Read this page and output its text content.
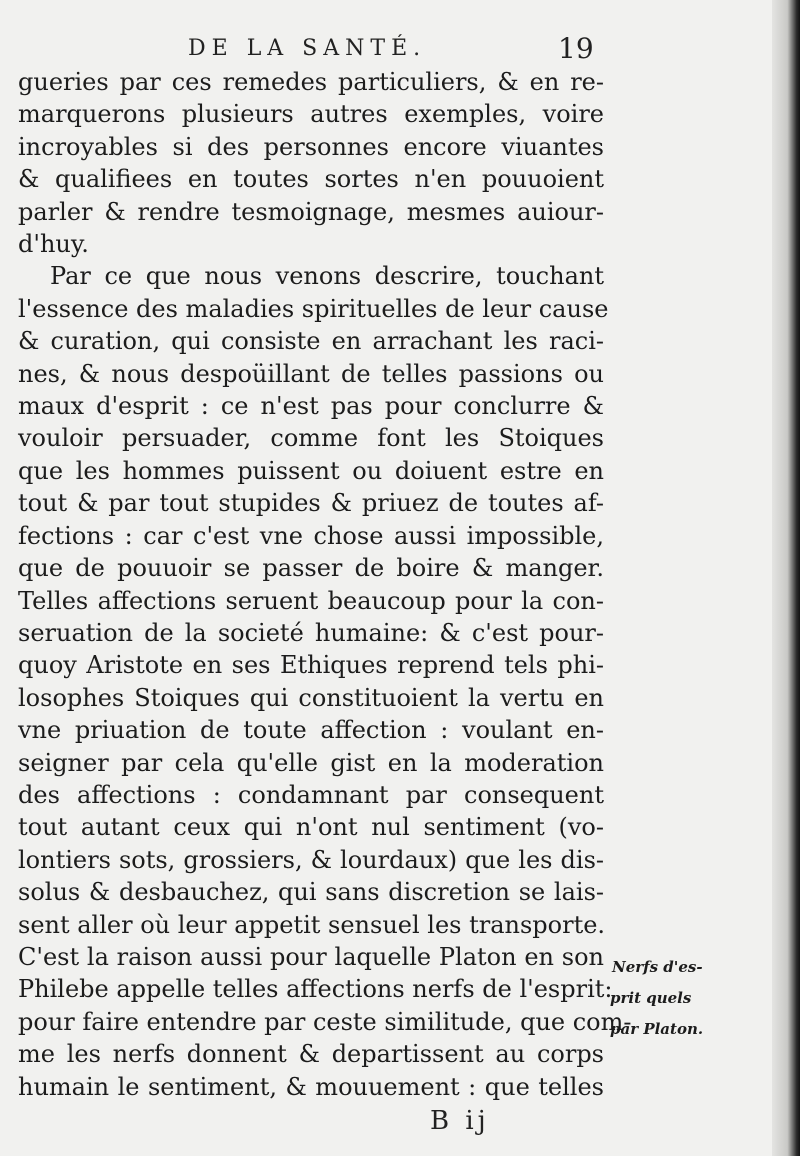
DE LA SANTÉ.	19
gueries par ces remedes particuliers, & en re-
marquerons plusieurs autres exemples, voire
incroyables si des personnes encore viuantes
& qualifiees en toutes sortes n'en pouuoient
parler & rendre tesmoignage, mesmes auiour-
d'huy.
Par ce que nous venons descrire, touchant
l'essence des maladies spirituelles de leur cause
& curation, qui consiste en arrachant les raci-
nes, & nous despoüillant de telles passions ou
maux d'esprit : ce n'est pas pour conclurre &
vouloir persuader, comme font les Stoiques
que les hommes puissent ou doiuent estre en
tout & par tout stupides & priuez de toutes af-
fections : car c'est vne chose aussi impossible,
que de pouuoir se passer de boire & manger.
Telles affections seruent beaucoup pour la con-
seruation de la societé humaine: & c'est pour-
quoy Aristote en ses Ethiques reprend tels phi-
losophes Stoiques qui constituoient la vertu en
vne priuation de toute affection : voulant en-
seigner par cela qu'elle gist en la moderation
des affections : condamnant par consequent
tout autant ceux qui n'ont nul sentiment (vo-
lontiers sots, grossiers, & lourdaux) que les dis-
solus & desbauchez, qui sans discretion se lais-
sent aller où leur appetit sensuel les transporte.
C'est la raison aussi pour laquelle Platon en son
Philebe appelle telles affections nerfs de l'esprit:
pour faire entendre par ceste similitude, que com-
me les nerfs donnent & departissent au corps
humain le sentiment, & mouuement : que telles
Nerfs d'es-
prit quels
par Platon.
B ij
